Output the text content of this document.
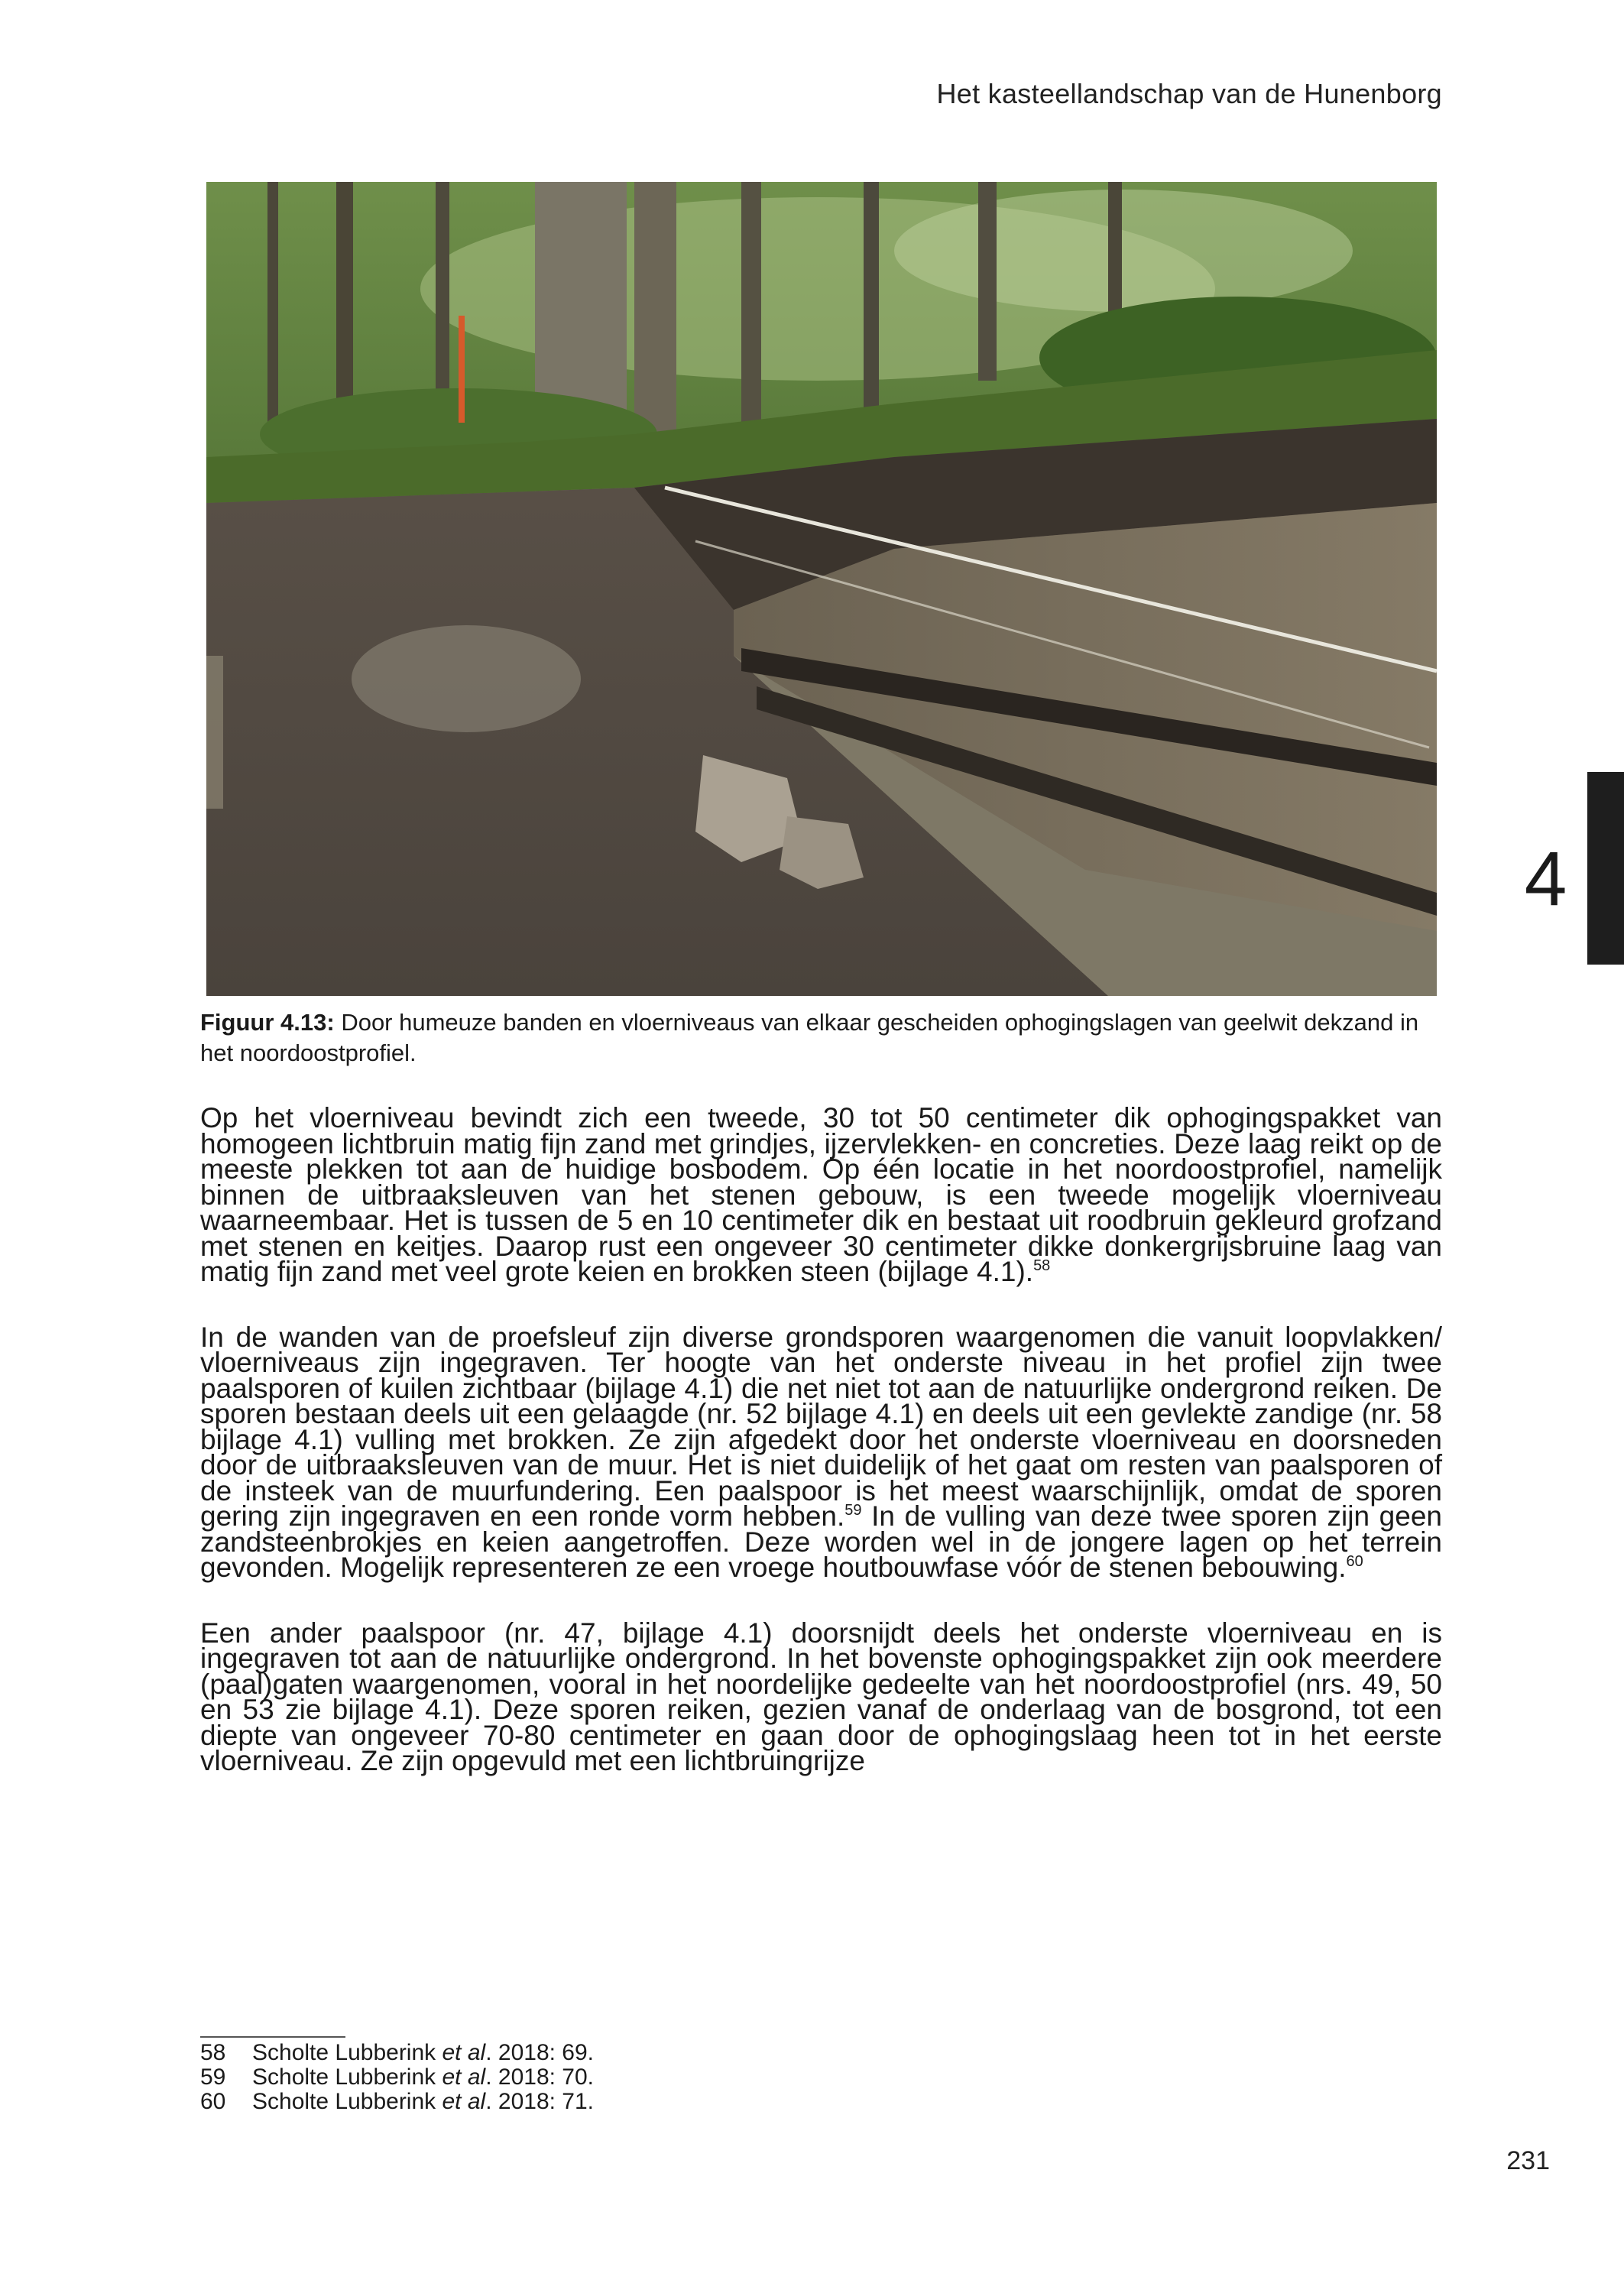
Het kasteellandschap van de Hunenborg
4
Figuur 4.13: Door humeuze banden en vloerniveaus van elkaar gescheiden ophogingslagen van geelwit dekzand in het noordoostprofiel.

Op het vloerniveau bevindt zich een tweede, 30 tot 50 centimeter dik ophogingspakket van homogeen lichtbruin matig fijn zand met grindjes, ijzervlekken- en concreties. Deze laag reikt op de meeste plekken tot aan de huidige bosbodem. Op één locatie in het noordoostprofiel, namelijk binnen de uitbraaksleuven van het stenen gebouw, is een tweede mogelijk vloerniveau waarneembaar. Het is tussen de 5 en 10 centimeter dik en bestaat uit roodbruin gekleurd grofzand met stenen en keitjes. Daarop rust een ongeveer 30 centimeter dikke donkergrijsbruine laag van matig fijn zand met veel grote keien en brokken steen (bijlage 4.1).$^{58}$

In de wanden van de proefsleuf zijn diverse grondsporen waargenomen die vanuit loopvlakken/ vloerniveaus zijn ingegraven. Ter hoogte van het onderste niveau in het profiel zijn twee paalsporen of kuilen zichtbaar (bijlage 4.1) die net niet tot aan de natuurlijke ondergrond reiken. De sporen bestaan deels uit een gelaagde (nr. 52 bijlage 4.1) en deels uit een gevlekte zandige (nr. 58 bijlage 4.1) vulling met brokken. Ze zijn afgedekt door het onderste vloerniveau en doorsneden door de uitbraaksleuven van de muur. Het is niet duidelijk of het gaat om resten van paalsporen of de insteek van de muurfundering. Een paalspoor is het meest waarschijnlijk, omdat de sporen gering zijn ingegraven en een ronde vorm hebben.$^{59}$ In de vulling van deze twee sporen zijn geen zandsteenbrokjes en keien aangetroffen. Deze worden wel in de jongere lagen op het terrein gevonden. Mogelijk representeren ze een vroege houtbouwfase vóór de stenen bebouwing.$^{60}$

Een ander paalspoor (nr. 47, bijlage 4.1) doorsnijdt deels het onderste vloerniveau en is ingegraven tot aan de natuurlijke ondergrond. In het bovenste ophogingspakket zijn ook meerdere (paal)gaten waargenomen, vooral in het noordelijke gedeelte van het noordoostprofiel (nrs. 49, 50 en 53 zie bijlage 4.1). Deze sporen reiken, gezien vanaf de onderlaag van de bosgrond, tot een diepte van ongeveer 70-80 centimeter en gaan door de ophogingslaag heen tot in het eerste vloerniveau. Ze zijn opgevuld met een lichtbruingrijze

58	Scholte Lubberink et al. 2018: 69.
59	Scholte Lubberink et al. 2018: 70.
60	Scholte Lubberink et al. 2018: 71.
231
